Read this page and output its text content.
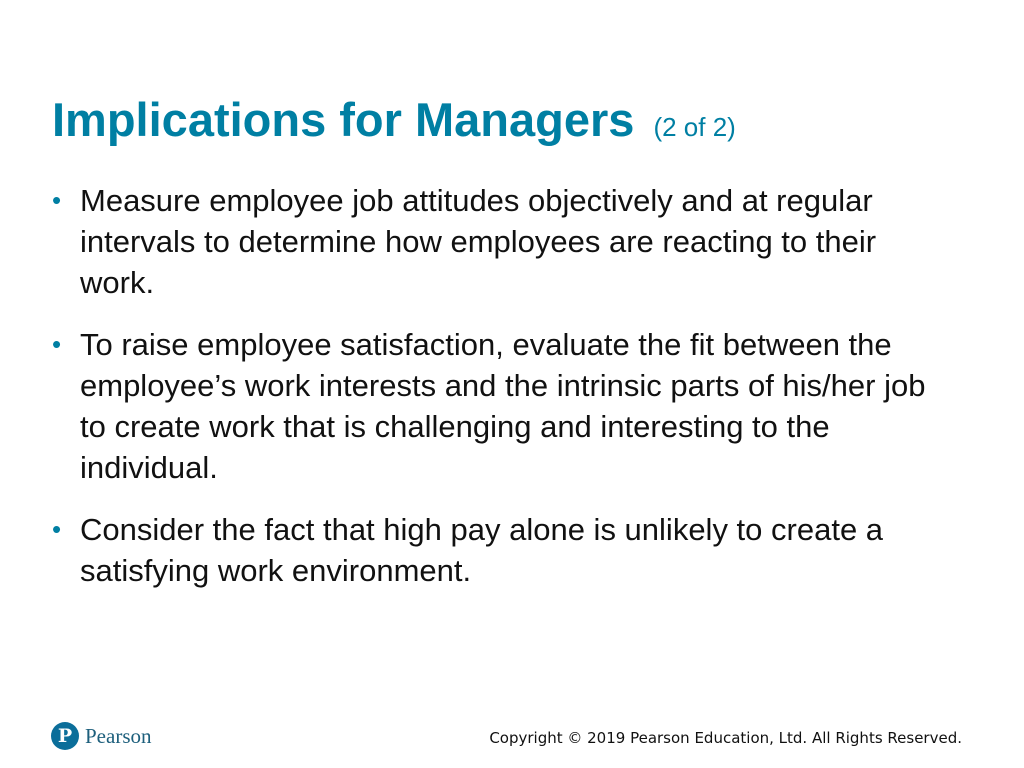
Implications for Managers (2 of 2)
• Measure employee job attitudes objectively and at regular intervals to determine how employees are reacting to their work.
• To raise employee satisfaction, evaluate the fit between the employee’s work interests and the intrinsic parts of his/her job to create work that is challenging and interesting to the individual.
• Consider the fact that high pay alone is unlikely to create a satisfying work environment.
P Pearson	Copyright © 2019 Pearson Education, Ltd. All Rights Reserved.
